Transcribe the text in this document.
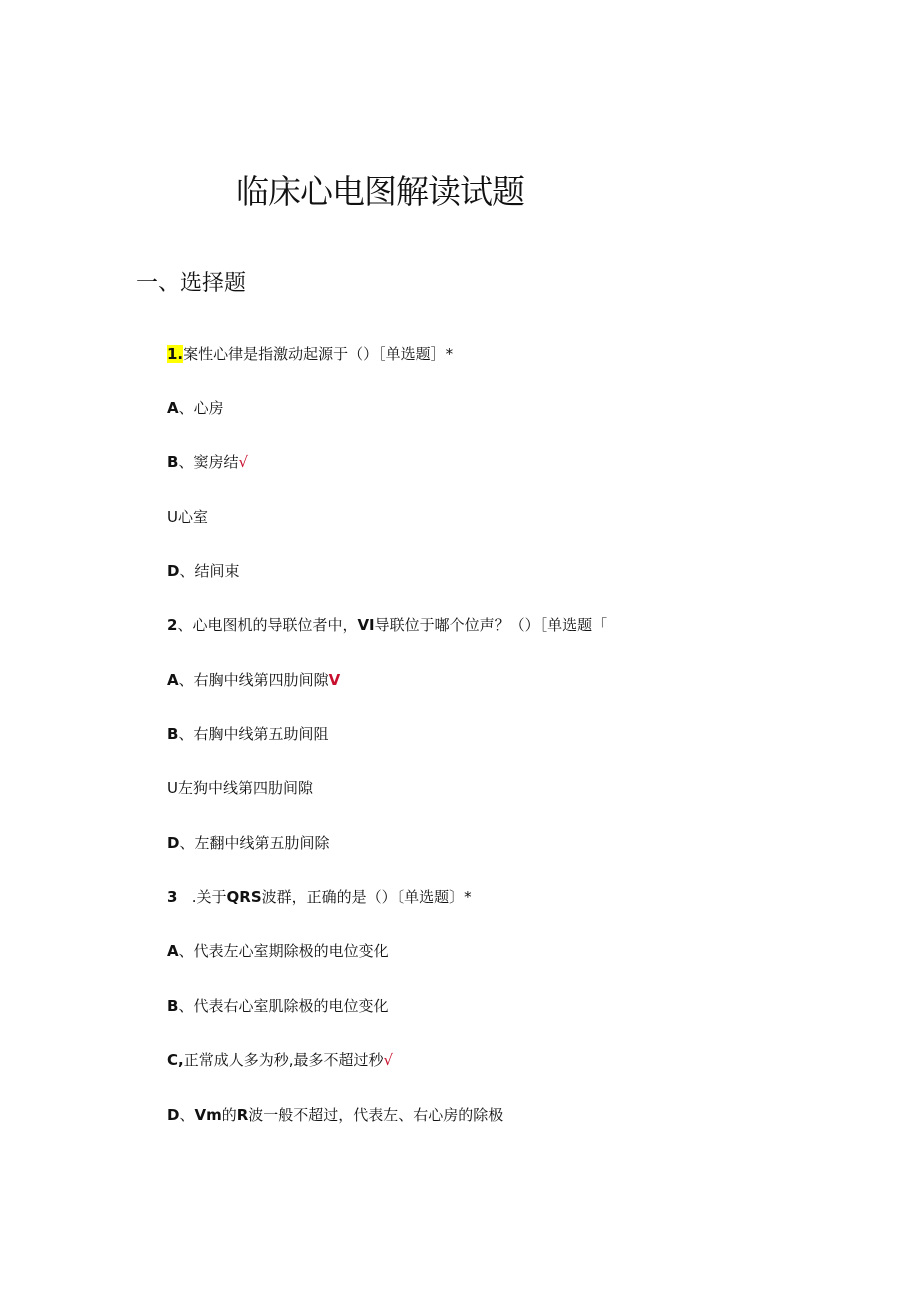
临床心电图解读试题
一、选择题
1.案性心律是指激动起源于（）［单选题］*
A、心房
B、窦房结√
U心室
D、结间束
2、心电图机的导联位者中，VI导联位于嘟个位声？（）［单选题「
A、右胸中线第四肋间隙V
B、右胸中线第五助间阻
U左狗中线第四肋间隙
D、左翻中线第五肋间除
3   .关于QRS波群，正确的是（）〔单选题〕*
A、代表左心室期除极的电位变化
B、代表右心室肌除极的电位变化
C,正常成人多为秒,最多不超过秒√
D、Vm的R波一般不超过，代表左、右心房的除极
